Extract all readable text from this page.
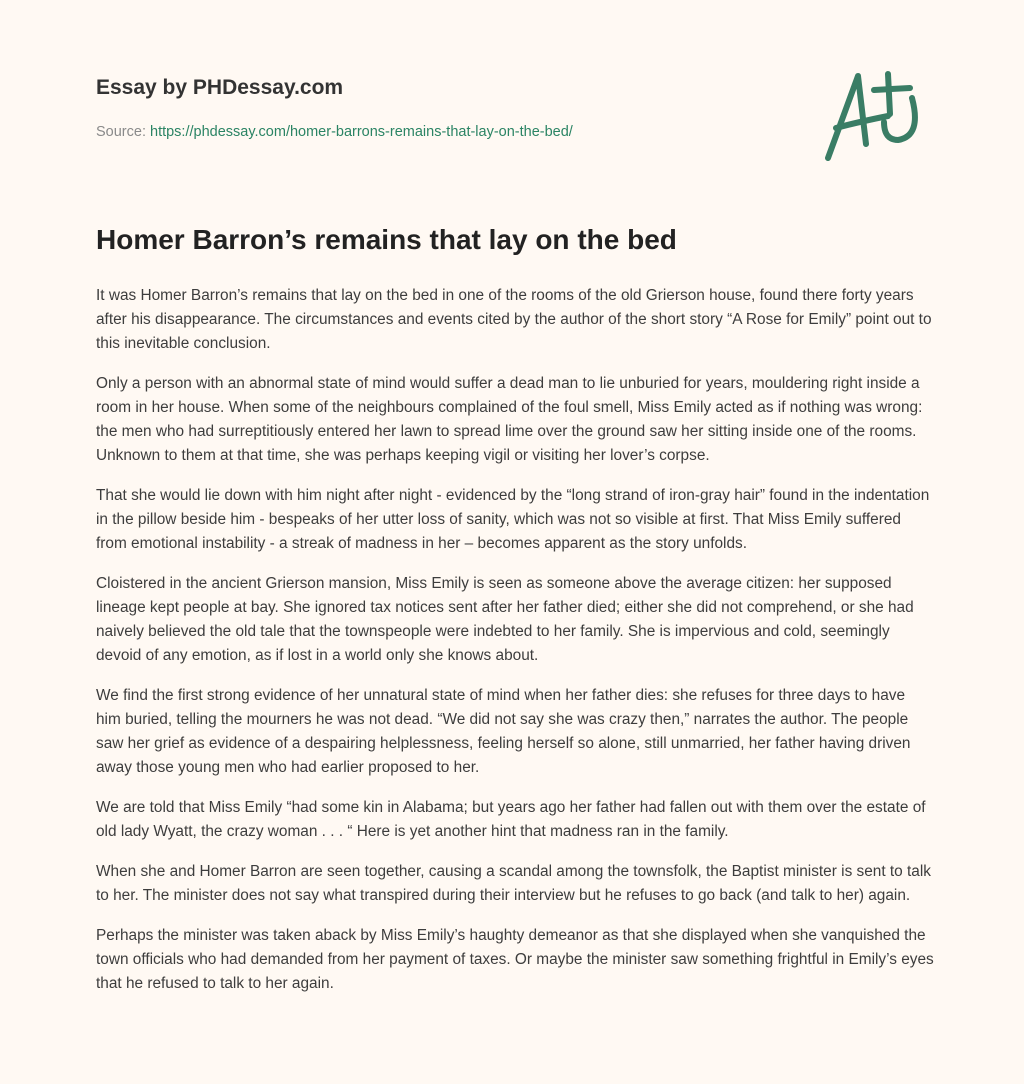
Essay by PHDessay.com
Source: https://phdessay.com/homer-barrons-remains-that-lay-on-the-bed/
Homer Barron’s remains that lay on the bed

It was Homer Barron’s remains that lay on the bed in one of the rooms of the old Grierson house, found there forty years after his disappearance. The circumstances and events cited by the author of the short story “A Rose for Emily” point out to this inevitable conclusion.

Only a person with an abnormal state of mind would suffer a dead man to lie unburied for years, mouldering right inside a room in her house. When some of the neighbours complained of the foul smell, Miss Emily acted as if nothing was wrong: the men who had surreptitiously entered her lawn to spread lime over the ground saw her sitting inside one of the rooms. Unknown to them at that time, she was perhaps keeping vigil or visiting her lover’s corpse.

That she would lie down with him night after night - evidenced by the “long strand of iron-gray hair” found in the indentation in the pillow beside him - bespeaks of her utter loss of sanity, which was not so visible at first. That Miss Emily suffered from emotional instability - a streak of madness in her – becomes apparent as the story unfolds.

Cloistered in the ancient Grierson mansion, Miss Emily is seen as someone above the average citizen: her supposed lineage kept people at bay. She ignored tax notices sent after her father died; either she did not comprehend, or she had naively believed the old tale that the townspeople were indebted to her family. She is impervious and cold, seemingly devoid of any emotion, as if lost in a world only she knows about.

We find the first strong evidence of her unnatural state of mind when her father dies: she refuses for three days to have him buried, telling the mourners he was not dead. “We did not say she was crazy then,” narrates the author. The people saw her grief as evidence of a despairing helplessness, feeling herself so alone, still unmarried, her father having driven away those young men who had earlier proposed to her.

We are told that Miss Emily “had some kin in Alabama; but years ago her father had fallen out with them over the estate of old lady Wyatt, the crazy woman . . . “ Here is yet another hint that madness ran in the family.

When she and Homer Barron are seen together, causing a scandal among the townsfolk, the Baptist minister is sent to talk to her. The minister does not say what transpired during their interview but he refuses to go back (and talk to her) again.

Perhaps the minister was taken aback by Miss Emily’s haughty demeanor as that she displayed when she vanquished the town officials who had demanded from her payment of taxes. Or maybe the minister saw something frightful in Emily’s eyes that he refused to talk to her again.
